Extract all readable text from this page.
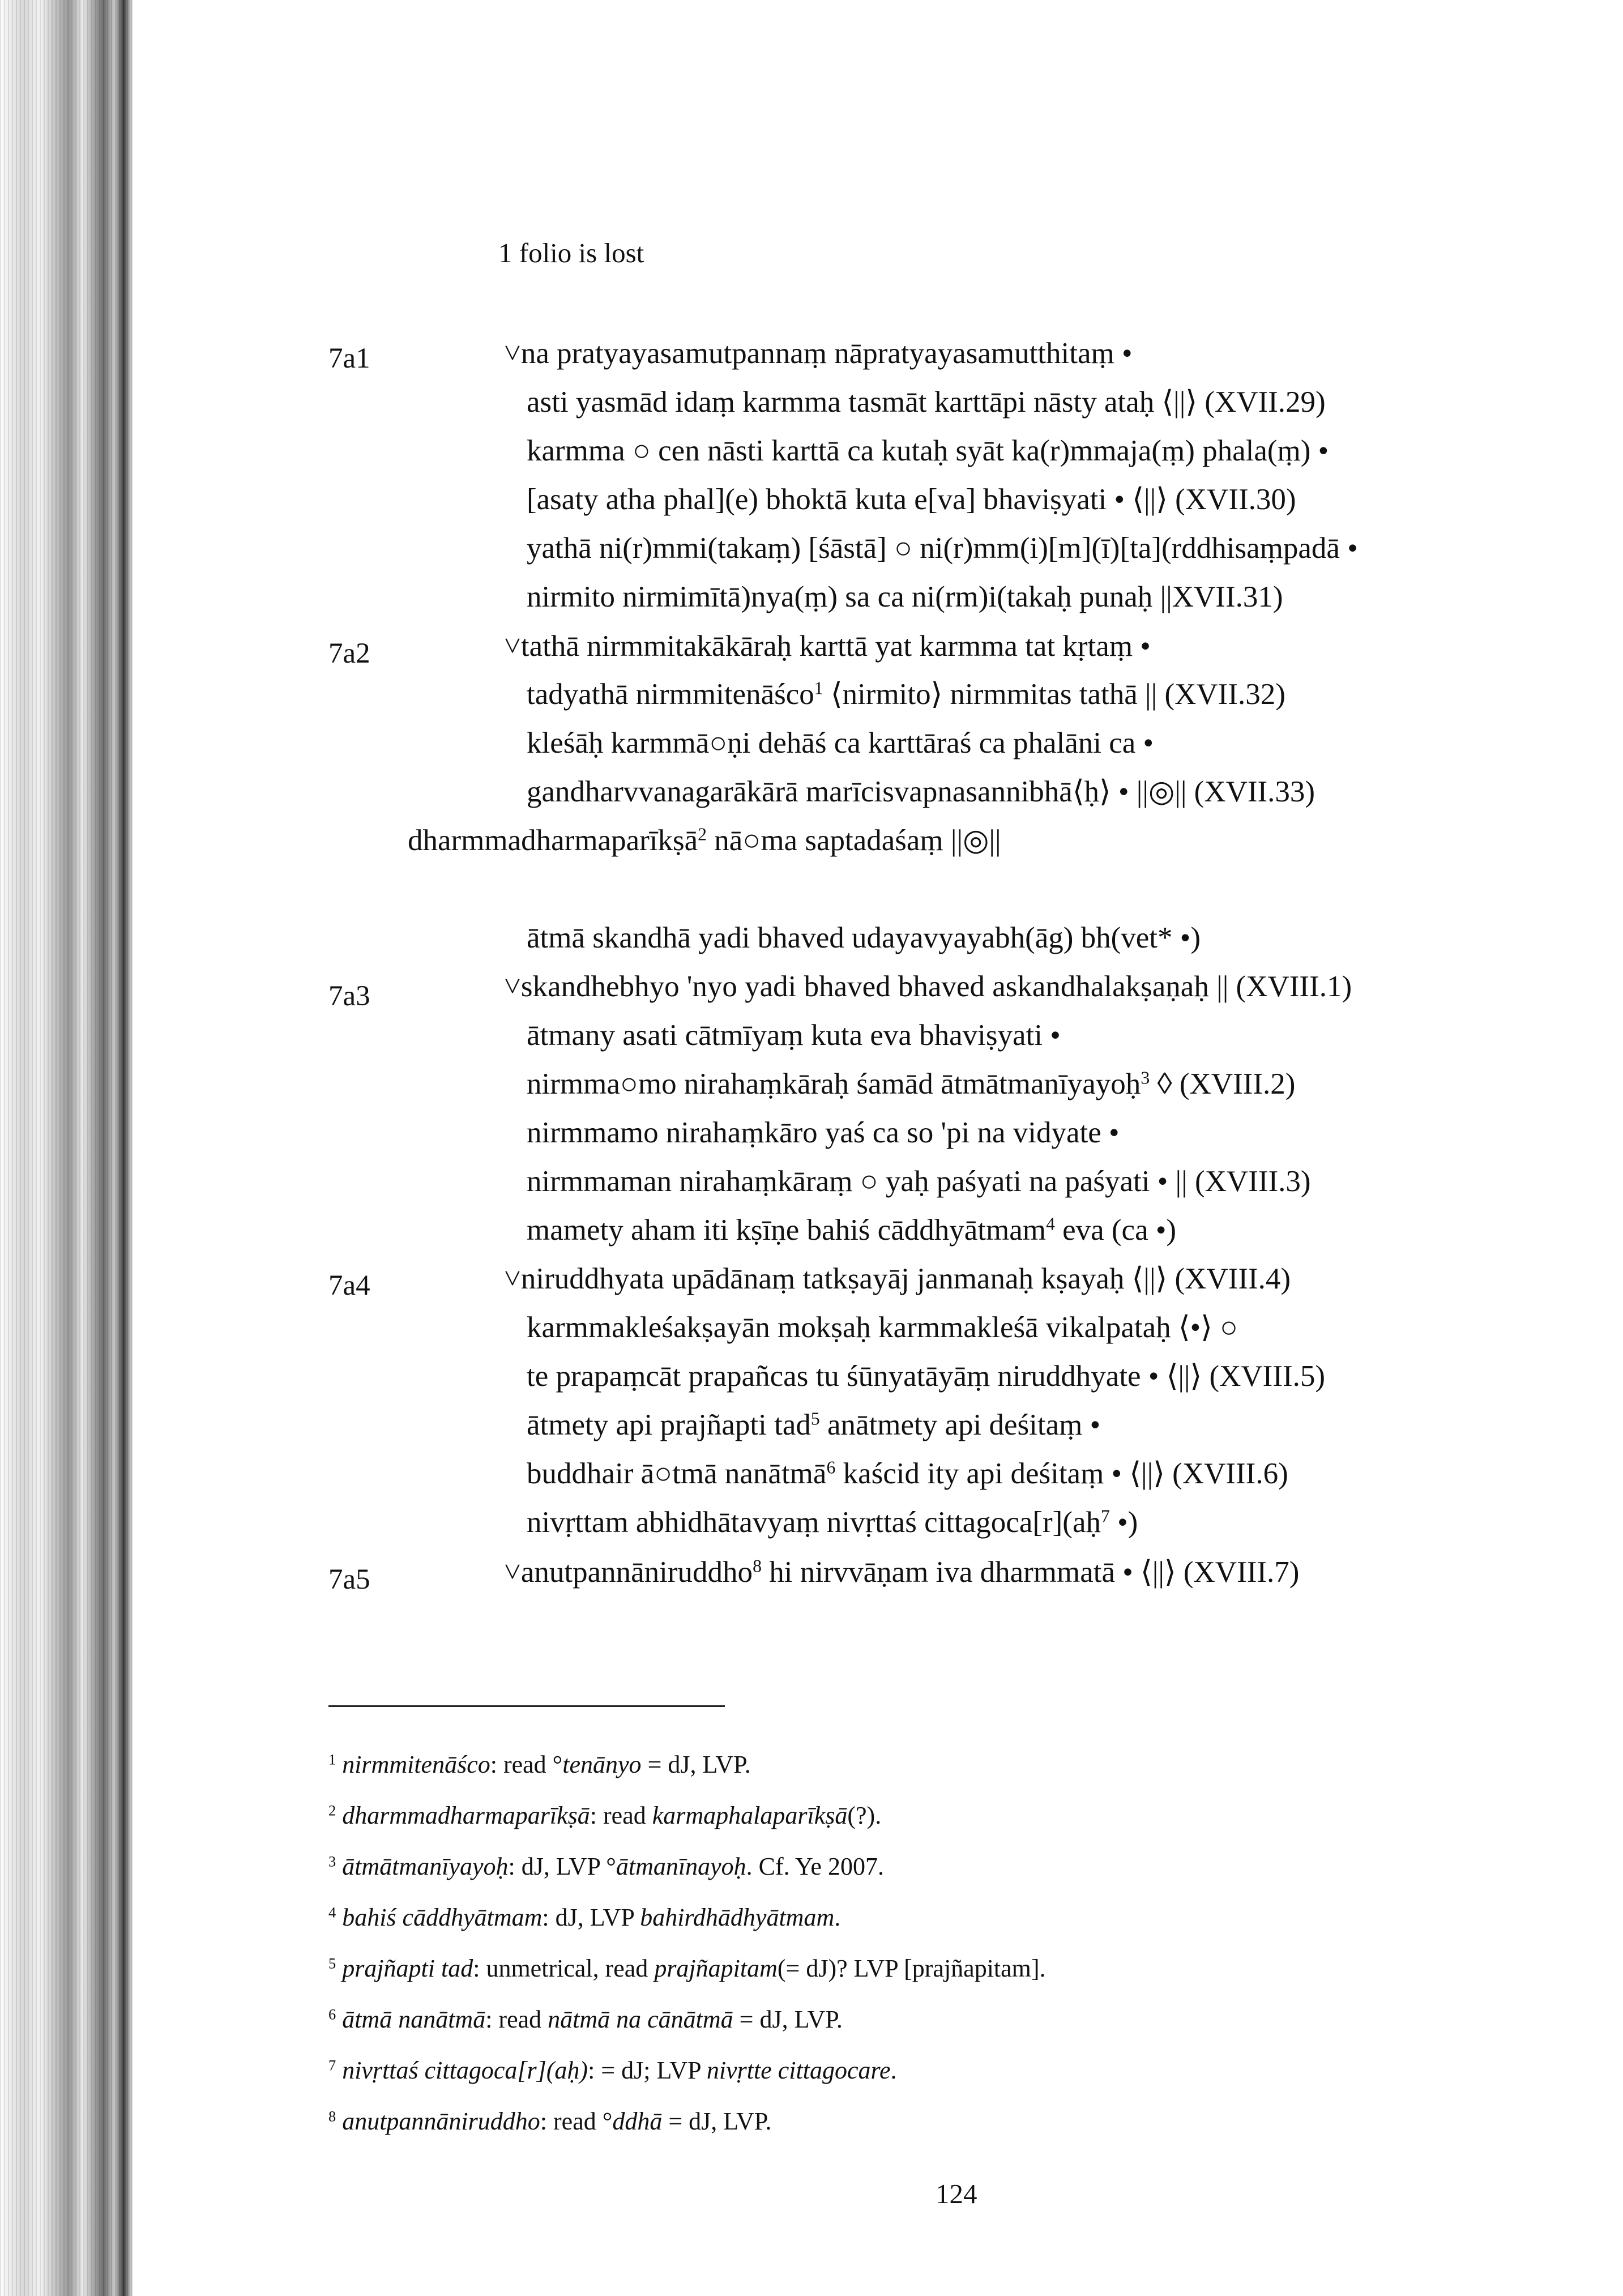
1 folio is lost
7a1
7a2
7a3
7a4
7a5
˅na pratyayasamutpannaṃ nāpratyayasamutthitaṃ •
asti yasmād idaṃ karmma tasmāt karttāpi nāsty ataḥ ⟨||⟩ (XVII.29)
karmma ○ cen nāsti karttā ca kutaḥ syāt ka(r)mmaja(ṃ) phala(ṃ) •
[asaty atha phal](e) bhoktā kuta e[va] bhaviṣyati • ⟨||⟩ (XVII.30)
yathā ni(r)mmi(takaṃ) [śāstā] ○ ni(r)mm(i)[m](ī)[ta](rddhisaṃpadā •
nirmito nirmimītā)nya(ṃ) sa ca ni(rm)i(takaḥ punaḥ ||XVII.31)
˅tathā nirmmitakākāraḥ karttā yat karmma tat kṛtaṃ •
tadyathā nirmmitenāśco$^1$ ⟨nirmito⟩ nirmmitas tathā || (XVII.32)
kleśāḥ karmmā○ṇi dehāś ca karttāraś ca phalāni ca •
gandharvvanagarākārā marīcisvapnasannibhā⟨ḥ⟩ • ||◎|| (XVII.33)
dharmmadharmaparīkṣā$^2$ nā○ma saptadaśaṃ ||◎||
ātmā skandhā yadi bhaved udayavyayabh(āg) bh(vet* •)
˅skandhebhyo 'nyo yadi bhaved bhaved askandhalakṣaṇaḥ || (XVIII.1)
ātmany asati cātmīyaṃ kuta eva bhaviṣyati •
nirmma○mo nirahaṃkāraḥ śamād ātmātmanīyayoḥ$^3$ ◊ (XVIII.2)
nirmmamo nirahaṃkāro yaś ca so 'pi na vidyate •
nirmmaman nirahaṃkāraṃ ○ yaḥ paśyati na paśyati • || (XVIII.3)
mamety aham iti kṣīṇe bahiś cāddhyātmam$^4$ eva (ca •)
˅niruddhyata upādānaṃ tatkṣayāj janmanaḥ kṣayaḥ ⟨||⟩ (XVIII.4)
karmmakleśakṣayān mokṣaḥ karmmakleśā vikalpataḥ ⟨•⟩ ○
te prapaṃcāt prapañcas tu śūnyatāyāṃ niruddhyate • ⟨||⟩ (XVIII.5)
ātmety api prajñapti tad$^5$ anātmety api deśitaṃ •
buddhair ā○tmā nanātmā$^6$ kaścid ity api deśitaṃ • ⟨||⟩ (XVIII.6)
nivṛttam abhidhātavyaṃ nivṛttaś cittagoca[r](aḥ$^7$ •)
˅anutpannāniruddho$^8$ hi nirvvāṇam iva dharmmatā • ⟨||⟩ (XVIII.7)
$^1$ nirmmitenāśco: read °tenānyo = dJ, LVP.
$^2$ dharmmadharmaparīkṣā: read karmaphalaparīkṣā(?).
$^3$ ātmātmanīyayoḥ: dJ, LVP °ātmanīnayoḥ. Cf. Ye 2007.
$^4$ bahiś cāddhyātmam: dJ, LVP bahirdhādhyātmam.
$^5$ prajñapti tad: unmetrical, read prajñapitam(= dJ)? LVP [prajñapitam].
$^6$ ātmā nanātmā: read nātmā na cānātmā = dJ, LVP.
$^7$ nivṛttaś cittagoca[r](aḥ): = dJ; LVP nivṛtte cittagocare.
$^8$ anutpannāniruddho: read °ddhā = dJ, LVP.
124
